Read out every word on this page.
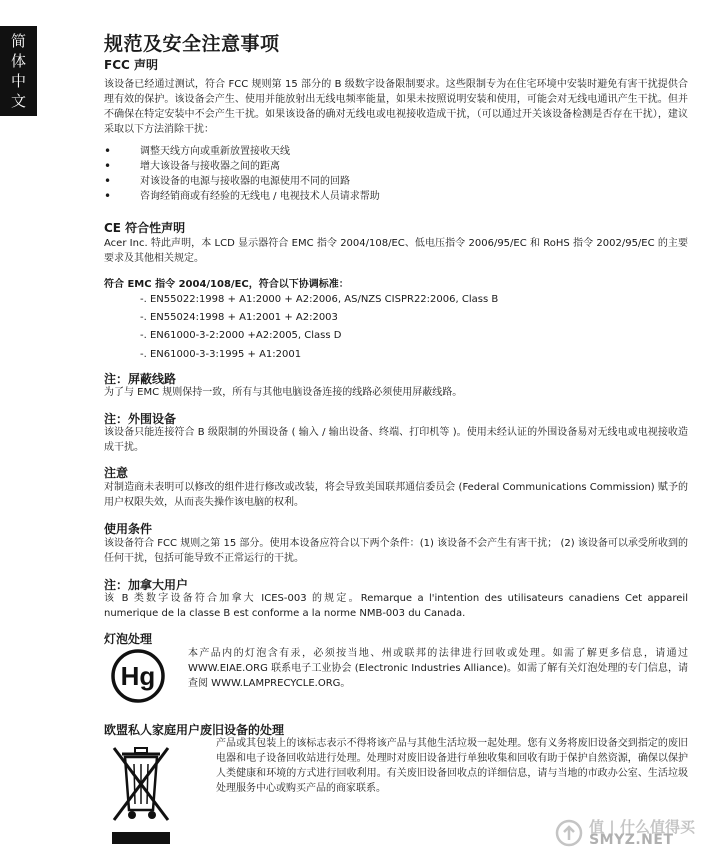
简
体
中
文
规范及安全注意事项
FCC 声明
该设备已经通过测试，符合 FCC 规则第 15 部分的 B 级数字设备限制要求。这些限制专为在住宅环境中安装时避免有害干扰提供合理有效的保护。该设备会产生、使用并能放射出无线电频率能量，如果未按照说明安装和使用，可能会对无线电通讯产生干扰。但并不确保在特定安装中不会产生干扰。如果该设备的确对无线电或电视接收造成干扰，（可以通过开关该设备检测是否存在干扰），建议采取以下方法消除干扰：
• 调整天线方向或重新放置接收天线
• 增大该设备与接收器之间的距离
• 对该设备的电源与接收器的电源使用不同的回路
• 咨询经销商或有经验的无线电 / 电视技术人员请求帮助
CE 符合性声明
Acer Inc. 特此声明，本 LCD 显示器符合 EMC 指令 2004/108/EC、低电压指令 2006/95/EC 和 RoHS 指令 2002/95/EC 的主要要求及其他相关规定。
符合 EMC 指令 2004/108/EC，符合以下协调标准：
-. EN55022:1998 + A1:2000 + A2:2006, AS/NZS CISPR22:2006, Class B
-. EN55024:1998 + A1:2001 + A2:2003
-. EN61000-3-2:2000 +A2:2005, Class D
-. EN61000-3-3:1995 + A1:2001
注：屏蔽线路
为了与 EMC 规则保持一致，所有与其他电脑设备连接的线路必须使用屏蔽线路。
注：外围设备
该设备只能连接符合 B 级限制的外围设备 ( 输入 / 输出设备、终端、打印机等 )。使用未经认证的外围设备易对无线电或电视接收造成干扰。
注意
对制造商未表明可以修改的组件进行修改或改装，将会导致美国联邦通信委员会 (Federal Communications Commission) 赋予的用户权限失效，从而丧失操作该电脑的权利。
使用条件
该设备符合 FCC 规则之第 15 部分。使用本设备应符合以下两个条件：(1) 该设备不会产生有害干扰； (2) 该设备可以承受所收到的任何干扰，包括可能导致不正常运行的干扰。
注：加拿大用户
该 B 类数字设备符合加拿大 ICES-003 的规定。Remarque a l'intention des utilisateurs canadiens Cet appareil numerique de la classe B est conforme a la norme NMB-003 du Canada.
灯泡处理
Hg
本产品内的灯泡含有汞，必须按当地、州或联邦的法律进行回收或处理。如需了解更多信息，请通过 WWW.EIAE.ORG 联系电子工业协会 (Electronic Industries Alliance)。如需了解有关灯泡处理的专门信息，请查阅 WWW.LAMPRECYCLE.ORG。
欧盟私人家庭用户废旧设备的处理
产品或其包装上的该标志表示不得将该产品与其他生活垃圾一起处理。您有义务将废旧设备交到指定的废旧电器和电子设备回收站进行处理。处理时对废旧设备进行单独收集和回收有助于保护自然资源，确保以保护人类健康和环境的方式进行回收利用。有关废旧设备回收点的详细信息，请与当地的市政办公室、生活垃圾处理服务中心或购买产品的商家联系。
值 | 什么值得买
SMYZ.NET
